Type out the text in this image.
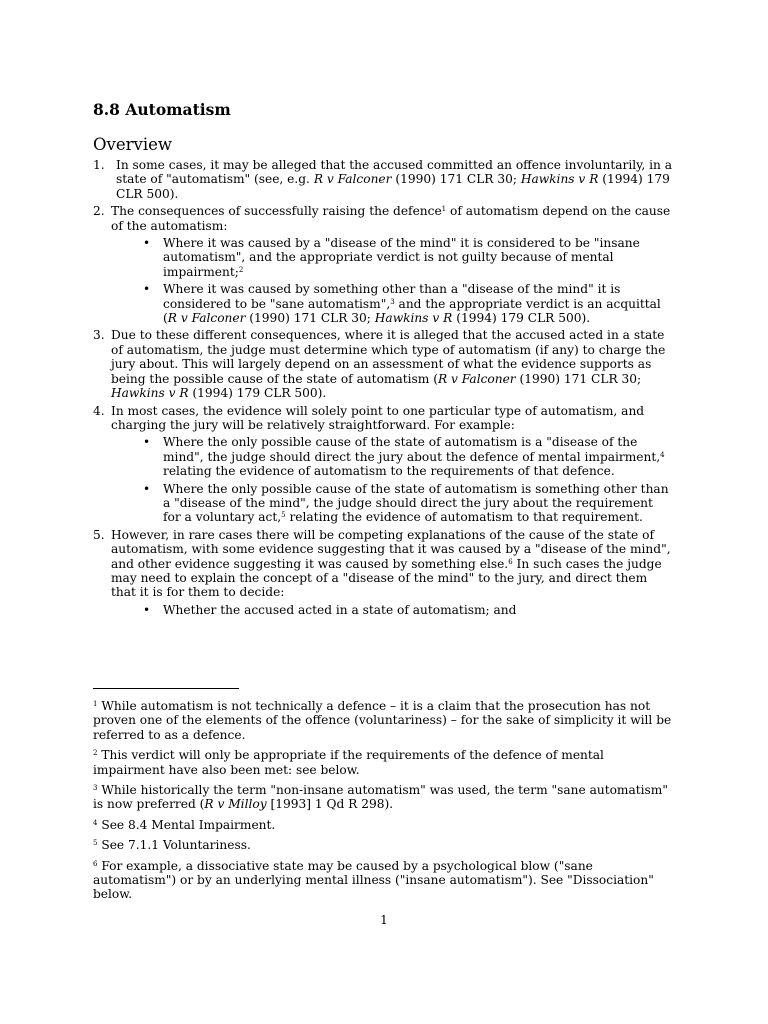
8.8 Automatism
Overview
1. In some cases, it may be alleged that the accused committed an offence involuntarily, in a state of "automatism" (see, e.g. R v Falconer (1990) 171 CLR 30; Hawkins v R (1994) 179 CLR 500).
2. The consequences of successfully raising the defence$^1$ of automatism depend on the cause of the automatism:
• Where it was caused by a "disease of the mind" it is considered to be "insane automatism", and the appropriate verdict is not guilty because of mental impairment;$^2$
• Where it was caused by something other than a "disease of the mind" it is considered to be "sane automatism",$^3$ and the appropriate verdict is an acquittal (R v Falconer (1990) 171 CLR 30; Hawkins v R (1994) 179 CLR 500).
3. Due to these different consequences, where it is alleged that the accused acted in a state of automatism, the judge must determine which type of automatism (if any) to charge the jury about. This will largely depend on an assessment of what the evidence supports as being the possible cause of the state of automatism (R v Falconer (1990) 171 CLR 30; Hawkins v R (1994) 179 CLR 500).
4. In most cases, the evidence will solely point to one particular type of automatism, and charging the jury will be relatively straightforward. For example:
• Where the only possible cause of the state of automatism is a "disease of the mind", the judge should direct the jury about the defence of mental impairment,$^4$ relating the evidence of automatism to the requirements of that defence.
• Where the only possible cause of the state of automatism is something other than a "disease of the mind", the judge should direct the jury about the requirement for a voluntary act,$^5$ relating the evidence of automatism to that requirement.
5. However, in rare cases there will be competing explanations of the cause of the state of automatism, with some evidence suggesting that it was caused by a "disease of the mind", and other evidence suggesting it was caused by something else.$^6$ In such cases the judge may need to explain the concept of a "disease of the mind" to the jury, and direct them that it is for them to decide:
• Whether the accused acted in a state of automatism; and

$^1$ While automatism is not technically a defence – it is a claim that the prosecution has not proven one of the elements of the offence (voluntariness) – for the sake of simplicity it will be referred to as a defence.

$^2$ This verdict will only be appropriate if the requirements of the defence of mental impairment have also been met: see below.

$^3$ While historically the term "non-insane automatism" was used, the term "sane automatism" is now preferred (R v Milloy [1993] 1 Qd R 298).

$^4$ See 8.4 Mental Impairment.

$^5$ See 7.1.1 Voluntariness.

$^6$ For example, a dissociative state may be caused by a psychological blow ("sane automatism") or by an underlying mental illness ("insane automatism"). See "Dissociation" below.

1
